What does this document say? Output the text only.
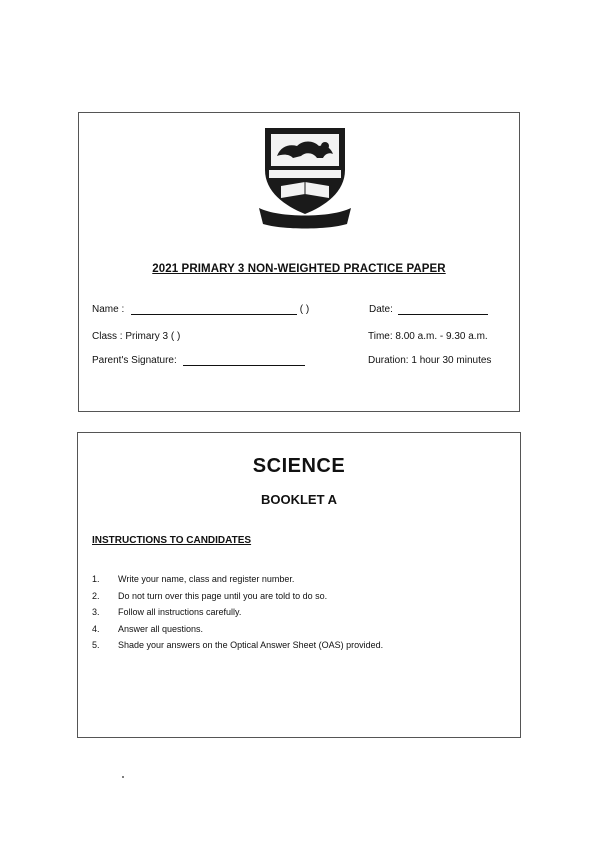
2021 PRIMARY 3 NON-WEIGHTED PRACTICE PAPER
Name :	( )	Date:
Class : Primary 3 ( )	Time: 8.00 a.m. - 9.30 a.m.
Parent's Signature:	Duration: 1 hour 30 minutes
SCIENCE
BOOKLET A
INSTRUCTIONS TO CANDIDATES
1. Write your name, class and register number.
2. Do not turn over this page until you are told to do so.
3. Follow all instructions carefully.
4. Answer all questions.
5. Shade your answers on the Optical Answer Sheet (OAS) provided.
